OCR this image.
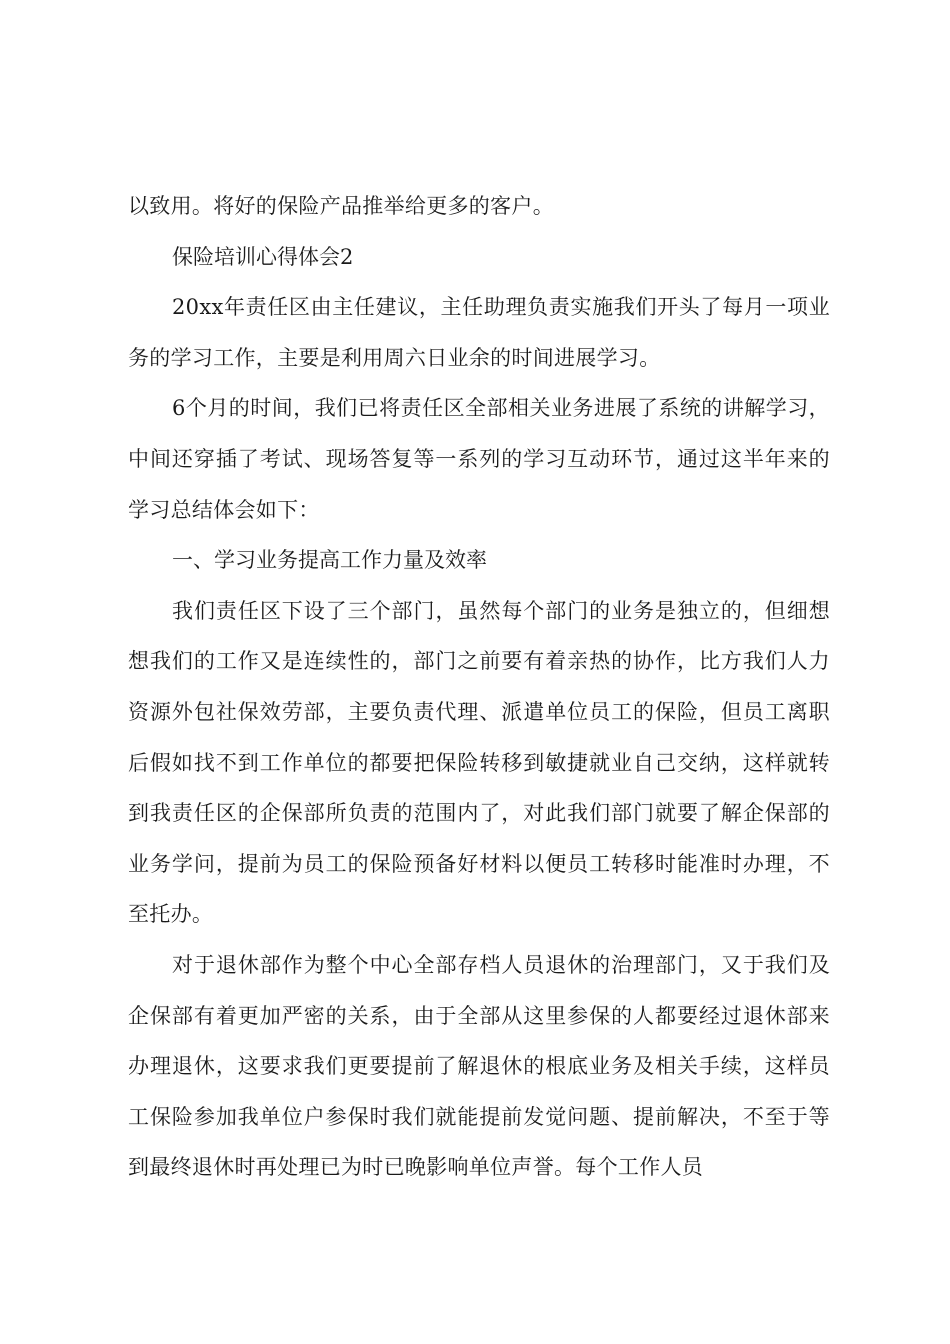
以致用。将好的保险产品推举给更多的客户。

保险培训心得体会2

20xx年责任区由主任建议，主任助理负责实施我们开头了每月一项业务的学习工作，主要是利用周六日业余的时间进展学习。

6个月的时间，我们已将责任区全部相关业务进展了系统的讲解学习，中间还穿插了考试、现场答复等一系列的学习互动环节，通过这半年来的学习总结体会如下：

一、学习业务提高工作力量及效率

我们责任区下设了三个部门，虽然每个部门的业务是独立的，但细想想我们的工作又是连续性的，部门之前要有着亲热的协作，比方我们人力资源外包社保效劳部，主要负责代理、派遣单位员工的保险，但员工离职后假如找不到工作单位的都要把保险转移到敏捷就业自己交纳，这样就转到我责任区的企保部所负责的范围内了，对此我们部门就要了解企保部的业务学问，提前为员工的保险预备好材料以便员工转移时能准时办理，不至托办。

对于退休部作为整个中心全部存档人员退休的治理部门，又于我们及企保部有着更加严密的关系，由于全部从这里参保的人都要经过退休部来办理退休，这要求我们更要提前了解退休的根底业务及相关手续，这样员工保险参加我单位户参保时我们就能提前发觉问题、提前解决，不至于等到最终退休时再处理已为时已晚影响单位声誉。每个工作人员
